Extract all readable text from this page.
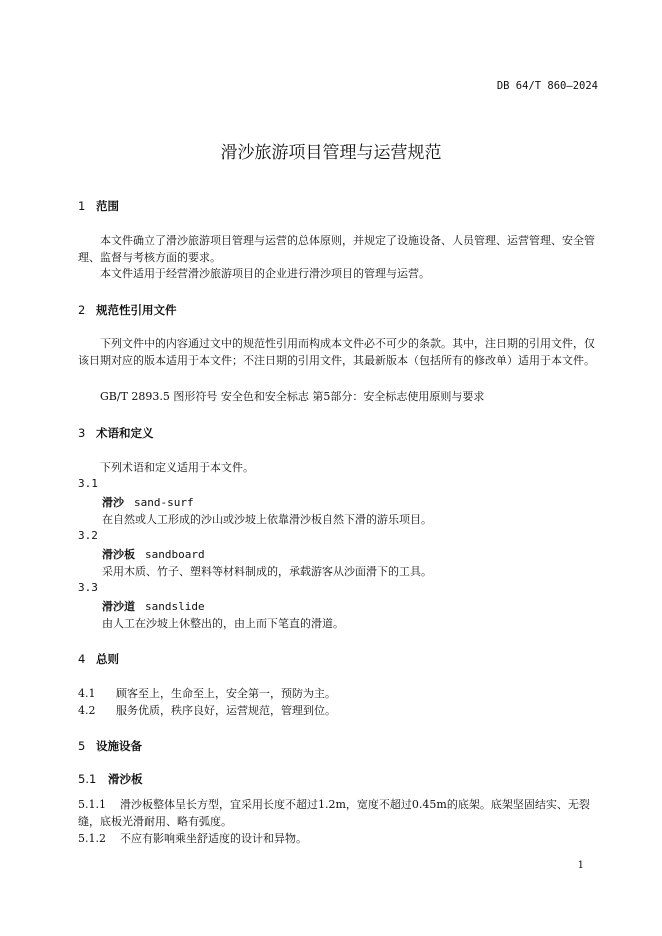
DB 64/T 860—2024
滑沙旅游项目管理与运营规范
1 范围
本文件确立了滑沙旅游项目管理与运营的总体原则，并规定了设施设备、人员管理、运营管理、安全管理、监督与考核方面的要求。
本文件适用于经营滑沙旅游项目的企业进行滑沙项目的管理与运营。
2 规范性引用文件
下列文件中的内容通过文中的规范性引用而构成本文件必不可少的条款。其中，注日期的引用文件，仅该日期对应的版本适用于本文件；不注日期的引用文件，其最新版本（包括所有的修改单）适用于本文件。
GB/T 2893.5 图形符号 安全色和安全标志 第5部分：安全标志使用原则与要求
3 术语和定义
下列术语和定义适用于本文件。
3.1
滑沙 sand-surf
在自然或人工形成的沙山或沙坡上依靠滑沙板自然下滑的游乐项目。
3.2
滑沙板 sandboard
采用木质、竹子、塑料等材料制成的，承载游客从沙面滑下的工具。
3.3
滑沙道 sandslide
由人工在沙坡上休整出的，由上而下笔直的滑道。
4 总则
4.1 顾客至上，生命至上，安全第一，预防为主。
4.2 服务优质，秩序良好，运营规范，管理到位。
5 设施设备
5.1 滑沙板
5.1.1 滑沙板整体呈长方型，宜采用长度不超过1.2m，宽度不超过0.45m的底架。底架坚固结实、无裂缝，底板光滑耐用、略有弧度。
5.1.2 不应有影响乘坐舒适度的设计和异物。
1
